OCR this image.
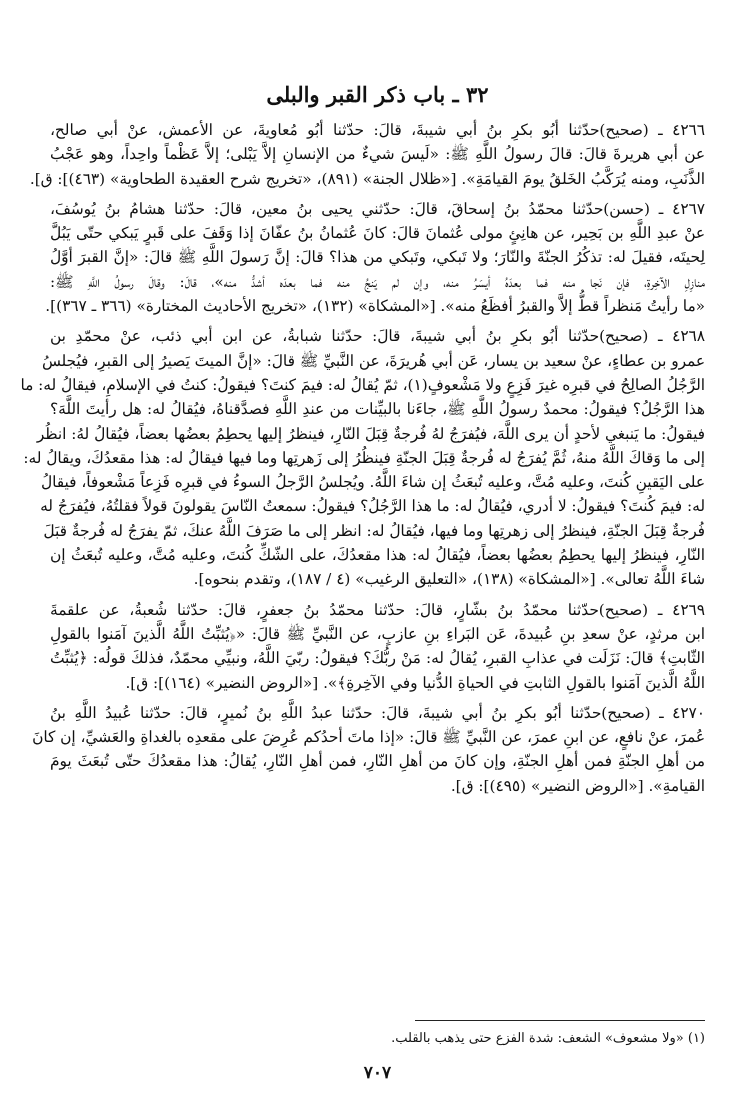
٣٢ ـ باب ذكر القبر والبلى
٤٢٦٦ ـ (صحيح)حدّثنا أبُو بكرِ بنُ أبي شيبةَ، قالَ: حدّثنا أبُو مُعاويةَ، عن الأعمش، عنْ أبي صالح،
عن أبي هريرةَ قالَ: قالَ رسولُ اللَّهِ ﷺ: «لَيسَ شيءٌ من الإنسانِ إلاَّ يَبْلى؛ إلاَّ عَظْماً واحِداً، وهو عَجْبُ
الذَّنَبِ، ومنه يُرَكَّبُ الخَلقُ يومَ القيامَةِ». [«ظلال الجنة» (٨٩١)، «تخريج شرح العقيدة الطحاوية» (٤٦٣)]: ق].
٤٢٦٧ ـ (حسن)حدّثنا محمّدُ بنُ إسحاقَ، قالَ: حدّثني يحيى بنُ معين، قالَ: حدّثنا هشامُ بنُ يُوسُفَ،
عنْ عبدِ اللَّهِ بن بَحِير، عن هانِئٍ مولى عُثمانَ قالَ: كانَ عُثمانُ بنُ عفّانَ إذا وَقَفَ على قَبرٍ يَبكي حتّى يَبُلَّ
لِحيتَه، فقيلَ له: تذكُرُ الجنّةَ والنّارَ؛ ولا تَبكي، وتَبكي من هذا؟ قالَ: إنَّ رَسولَ اللَّهِ ﷺ قالَ: «إنَّ القبرَ أوَّلُ
منازِلِ الآخِرةِ، فإن نَجا منه فما بعدَهُ أيسَرُ منه، وإن لم يَنجُ منه فما بعدَه أشدُّ منه»، قالَ: وقالَ رسولُ اللَّهِ ﷺ:
«ما رأيتُ مَنظراً قطُّ إلاَّ والقبرُ أفظَعُ منه». [«المشكاة» (١٣٢)، «تخريج الأحاديث المختارة» (٣٦٦ ـ ٣٦٧)].
٤٢٦٨ ـ (صحيح)حدّثنا أبُو بكرِ بنُ أبي شيبةَ، قالَ: حدّثنا شبابةُ، عن ابن أبي ذئب، عنْ محمّدِ بن
عمرو بن عطاءٍ، عنْ سعيد بن يسار، عَن أبي هُريرَةَ، عن النَّبيِّ ﷺ قالَ: «إنَّ الميتَ يَصيرُ إلى القبرِ، فيُجلسُ
الرَّجُلُ الصالِحُ في قبرِه غيرَ فَزِعٍ ولا مَشْعوفٍ(١)، ثمّ يُقالُ له: فيمَ كنتَ؟ فيقولُ: كنتُ في الإسلامِ، فيقالُ له: ما
هذا الرَّجُلُ؟ فيقولُ: محمدٌ رسولُ اللَّهِ ﷺ، جاءَنا بالبيِّنات من عندِ اللَّهِ فصدَّقناهُ، فيُقالُ له: هل رأيتَ اللَّهَ؟
فيقولُ: ما يَنبغي لأحدٍ أن يرى اللَّهَ، فيُفرَجُ لهُ فُرجةٌ قِبَلَ النّارِ، فينظرُ إليها يحطِمُ بعضُها بعضاً، فيُقالُ لهُ: انظُر
إلى ما وَقاكَ اللَّهُ منهُ، ثُمَّ يُفرَجُ له فُرجةٌ قِبَلَ الجنّةِ فينظُرُ إلى زَهرتِها وما فيها فيقالُ له: هذا مقعدُكَ، ويقالُ له:
على اليَقينِ كُنتَ، وعليه مُتَّ، وعليه تُبعَثُ إن شاءَ اللَّهُ. ويُجلسُ الرَّجلُ السوءُ في قبرِه فَزِعاً مَشْعوفاً، فيقالُ
له: فيمَ كُنتَ؟ فيقولُ: لا أدري، فيُقالُ له: ما هذا الرَّجُلُ؟ فيقولُ: سمعتُ النّاسَ يقولونَ قولاً فقلتُهُ، فيُفرَجُ له
فُرجةٌ قِبَلَ الجنّةِ، فينظرُ إلى زهرتِها وما فيها، فيُقالُ له: انظر إلى ما صَرَفَ اللَّهُ عنكَ، ثمّ يفرَجُ له فُرجةٌ قبَلَ
النّارِ، فينظرُ إليها يحطِمُ بعضُها بعضاً، فيُقالُ له: هذا مقعدُكَ، على الشّكِّ كُنتَ، وعليه مُتَّ، وعليه تُبعَثُ إن
شاءَ اللَّهُ تعالى». [«المشكاة» (١٣٨)، «التعليق الرغيب» (٤ / ١٨٧)، وتقدم بنحوه].
٤٢٦٩ ـ (صحيح)حدّثنا محمّدُ بنُ بشّارٍ، قالَ: حدّثنا محمّدُ بنُ جعفرٍ، قالَ: حدّثنا شُعبةُ، عن علقمةَ
ابن مرثدٍ، عنْ سعدِ بنِ عُبيدةَ، عَن البَراءِ بنِ عازبٍ، عن النَّبيِّ ﷺ قالَ: «﴿يُثبِّتُ اللَّهُ الَّذينَ آمَنوا بالقولِ
الثّابتِ﴾ قالَ: نَزَلَت في عذابِ القبرِ، يُقالُ له: مَنْ ربُّكَ؟ فيقولُ: ربّيَ اللَّهُ، ونبيِّي محمّدٌ، فذلكَ قولُه: ﴿يُثبِّتُ
اللَّهُ الَّذينَ آمَنوا بالقولِ الثابتِ في الحياةِ الدُّنيا وفي الآخِرةِ﴾». [«الروض النضير» (١٦٤)]: ق].
٤٢٧٠ ـ (صحيح)حدّثنا أبُو بكرِ بنُ أبي شيبةَ، قالَ: حدّثنا عبدُ اللَّهِ بنُ نُميرٍ، قالَ: حدّثنا عُبيدُ اللَّهِ بنُ
عُمرَ، عنْ نافعٍ، عن ابنِ عمرَ، عن النَّبيِّ ﷺ قالَ: «إذا ماتَ أحدُكم عُرِضَ على مقعدِه بالغداةِ والعَشيِّ، إن كانَ
من أهلِ الجنّةِ فمن أهلِ الجنّةِ، وإن كانَ من أهلِ النّارِ، فمن أهلِ النّارِ، يُقالُ: هذا مقعدُكَ حتّى تُبعَثَ يومَ
القيامةِ». [«الروض النضير» (٤٩٥)]: ق].
(١) «ولا مشعوف» الشعف: شدة الفزع حتى يذهب بالقلب.
٧٠٧
